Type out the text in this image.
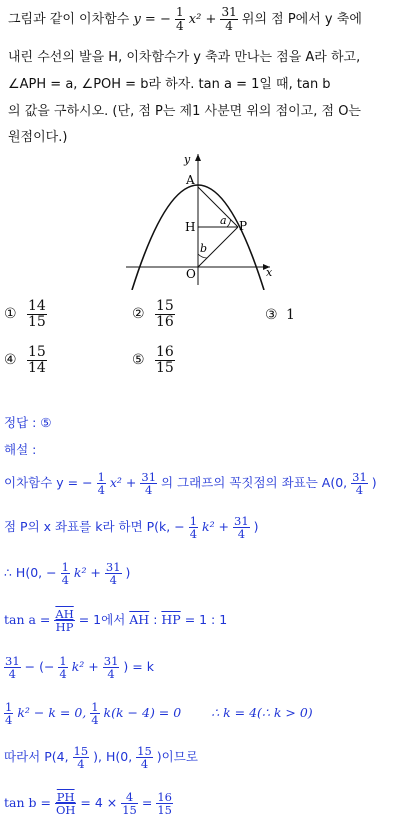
그림과 같이 이차함수 y = − $\frac{1}{4} x^2 + \frac{31}{4}$ 위의 점 P에서 y 축에
내린 수선의 발을 H, 이차함수가 y 축과 만나는 점을 A라 하고,
∠APH = a, ∠POH = b라 하자. tan a = 1일 때, tan b
의 값을 구하시오. (단, 점 P는 제1 사분면 위의 점이고, 점 O는
원점이다.)
y
x
A
H	P
O
a
b
① $\frac{14}{15}$	② $\frac{15}{16}$	③ 1
④ $\frac{15}{14}$	⑤ $\frac{16}{15}$
정답 : ⑤
해설 :
이차함수 y = − $\frac{1}{4} x^2 + \frac{31}{4}$ 의 그래프의 꼭짓점의 좌표는 A(0, $\frac{31}{4}$ )
점 P의 x 좌표를 k라 하면 P(k, − $\frac{1}{4} k^2 + \frac{31}{4}$ )
∴ H(0, − $\frac{1}{4} k^2 + \frac{31}{4}$ )
$\tan a = \frac{\overline{AH}}{HP} = 1$에서 $\overline{AH}$ : $\overline{HP} = 1$ : 1
$\frac{31}{4}$ − (− $\frac{1}{4} k^2 + \frac{31}{4}$ ) = k
$\frac{1}{4} k^2 - k = 0$, $\frac{1}{4} k(k - 4) = 0$ ∴ k = 4(∴ k > 0)
따라서 P(4, $\frac{15}{4}$ ), H(0, $\frac{15}{4}$ )이므로
$\tan b = \frac{\overline{PH}}{OH} = 4 \times \frac{4}{15} = \frac{16}{15}$
